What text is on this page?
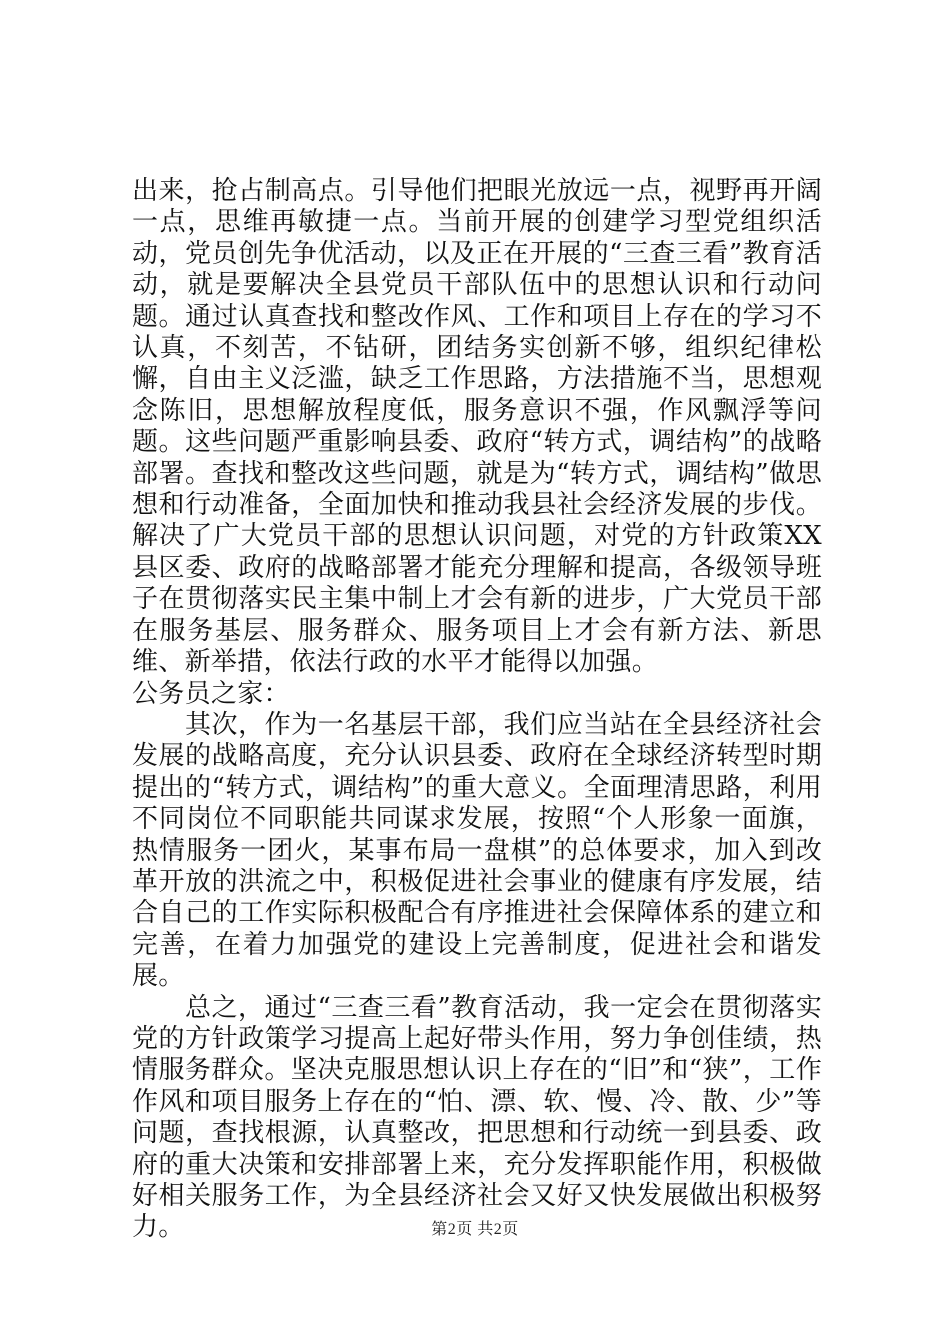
出来，抢占制高点。引导他们把眼光放远一点，视野再开阔一点，思维再敏捷一点。当前开展的创建学习型党组织活动，党员创先争优活动，以及正在开展的“三查三看”教育活动，就是要解决全县党员干部队伍中的思想认识和行动问题。通过认真查找和整改作风、工作和项目上存在的学习不认真，不刻苦，不钻研，团结务实创新不够，组织纪律松懈，自由主义泛滥，缺乏工作思路，方法措施不当，思想观念陈旧，思想解放程度低，服务意识不强，作风飘浮等问题。这些问题严重影响县委、政府“转方式，调结构”的战略部署。查找和整改这些问题，就是为“转方式，调结构”做思想和行动准备，全面加快和推动我县社会经济发展的步伐。解决了广大党员干部的思想认识问题，对党的方针政策XX县区委、政府的战略部署才能充分理解和提高，各级领导班子在贯彻落实民主集中制上才会有新的进步，广大党员干部在服务基层、服务群众、服务项目上才会有新方法、新思维、新举措，依法行政的水平才能得以加强。

公务员之家：

其次，作为一名基层干部，我们应当站在全县经济社会发展的战略高度，充分认识县委、政府在全球经济转型时期提出的“转方式，调结构”的重大意义。全面理清思路，利用不同岗位不同职能共同谋求发展，按照“个人形象一面旗，热情服务一团火，某事布局一盘棋”的总体要求，加入到改革开放的洪流之中，积极促进社会事业的健康有序发展，结合自己的工作实际积极配合有序推进社会保障体系的建立和完善，在着力加强党的建设上完善制度，促进社会和谐发展。

总之，通过“三查三看”教育活动，我一定会在贯彻落实党的方针政策学习提高上起好带头作用，努力争创佳绩，热情服务群众。坚决克服思想认识上存在的“旧”和“狭”，工作作风和项目服务上存在的“怕、漂、软、慢、冷、散、少”等问题，查找根源，认真整改，把思想和行动统一到县委、政府的重大决策和安排部署上来，充分发挥职能作用，积极做好相关服务工作，为全县经济社会又好又快发展做出积极努力。	第2页 共2页
